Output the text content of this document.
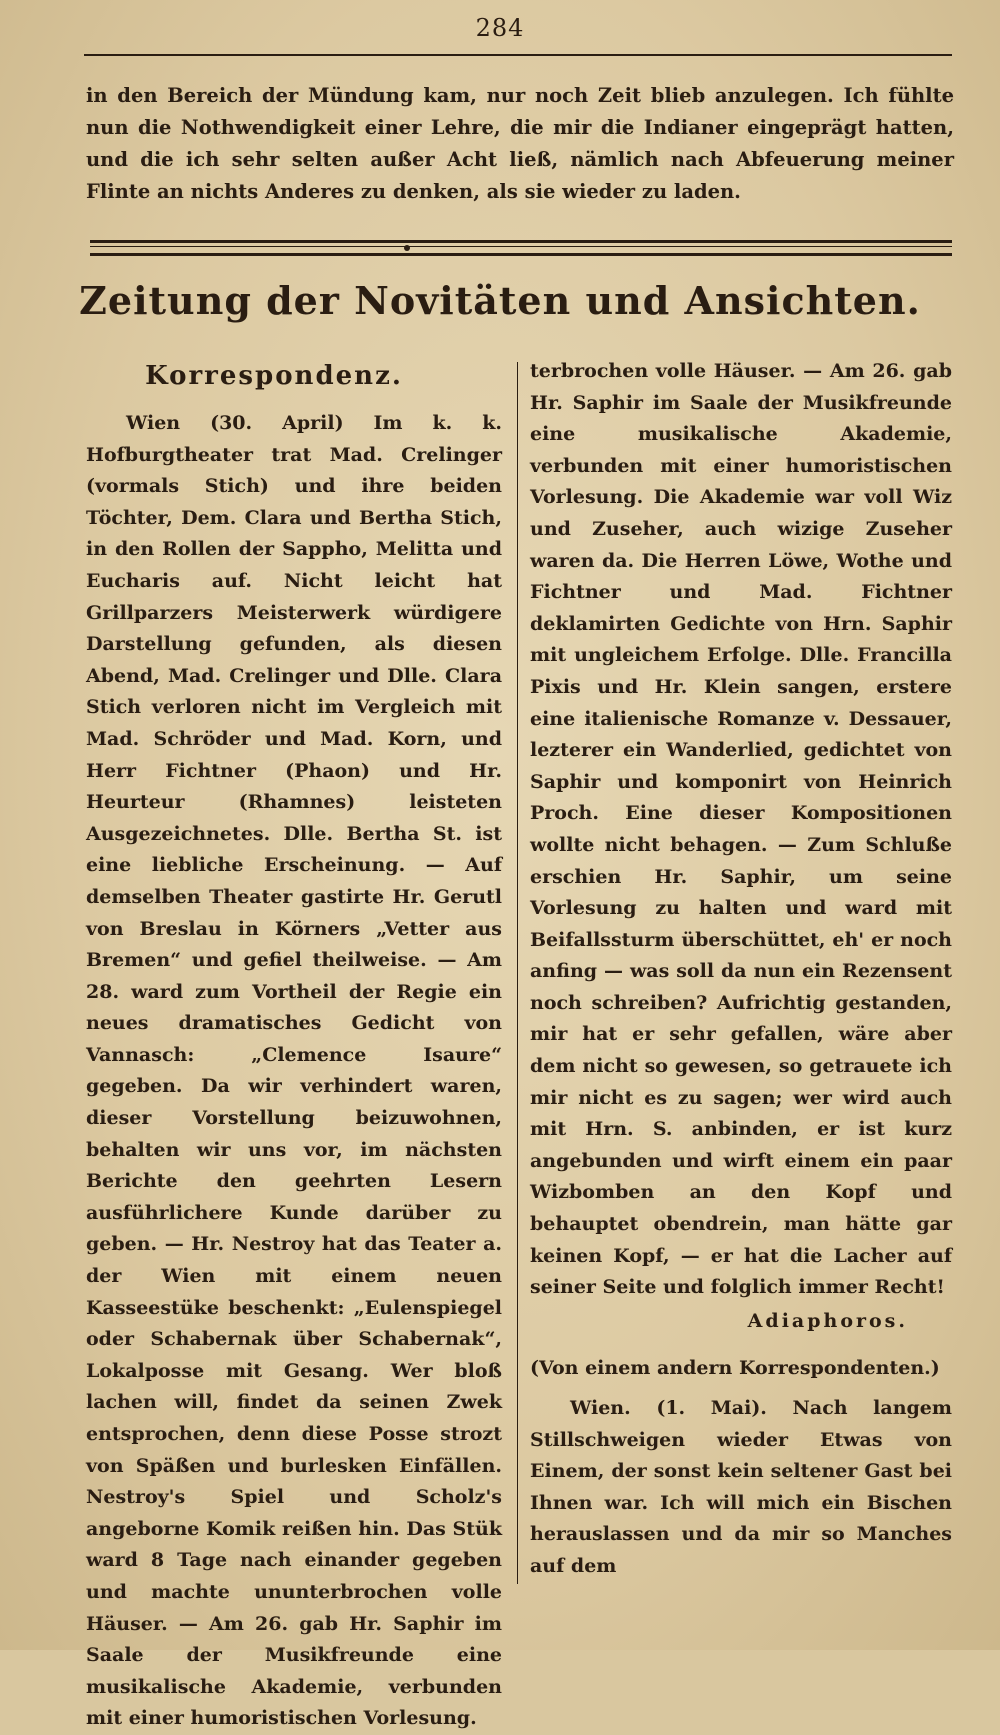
284

in den Bereich der Mündung kam, nur noch Zeit blieb anzulegen. Ich fühlte nun die Nothwendigkeit einer Lehre, die mir die Indianer eingeprägt hatten, und die ich sehr selten außer Acht ließ, nämlich nach Abfeuerung meiner Flinte an nichts Anderes zu denken, als sie wieder zu laden.

Zeitung der Novitäten und Ansichten.
Korrespondenz.

Wien (30. April) Im k. k. Hofburgtheater trat Mad. Crelinger (vormals Stich) und ihre beiden Töchter, Dem. Clara und Bertha Stich, in den Rollen der Sappho, Melitta und Eucharis auf. Nicht leicht hat Grillparzers Meisterwerk würdigere Darstellung gefunden, als diesen Abend, Mad. Crelinger und Dlle. Clara Stich verloren nicht im Vergleich mit Mad. Schröder und Mad. Korn, und Herr Fichtner (Phaon) und Hr. Heurteur (Rhamnes) leisteten Ausgezeichnetes. Dlle. Bertha St. ist eine liebliche Erscheinung. — Auf demselben Theater gastirte Hr. Gerutl von Breslau in Körners „Vetter aus Bremen“ und gefiel theilweise. — Am 28. ward zum Vortheil der Regie ein neues dramatisches Gedicht von Vannasch: „Clemence Isaure“ gegeben. Da wir verhindert waren, dieser Vorstellung beizuwohnen, behalten wir uns vor, im nächsten Berichte den geehrten Lesern ausführlichere Kunde darüber zu geben. — Hr. Nestroy hat das Teater a. der Wien mit einem neuen Kasseestüke beschenkt: „Eulenspiegel oder Schabernak über Schabernak“, Lokalposse mit Gesang. Wer bloß lachen will, findet da seinen Zwek entsprochen, denn diese Posse strozt von Späßen und burlesken Einfällen. Nestroy's Spiel und Scholz's angeborne Komik reißen hin. Das Stük ward 8 Tage nach einander gegeben und machte ununterbrochen volle Häuser. — Am 26. gab Hr. Saphir im Saale der Musikfreunde eine musikalische Akademie, verbunden mit einer humoristischen Vorlesung.

terbrochen volle Häuser. — Am 26. gab Hr. Saphir im Saale der Musikfreunde eine musikalische Akademie, verbunden mit einer humoristischen Vorlesung. Die Akademie war voll Wiz und Zuseher, auch wizige Zuseher waren da. Die Herren Löwe, Wothe und Fichtner und Mad. Fichtner deklamirten Gedichte von Hrn. Saphir mit ungleichem Erfolge. Dlle. Francilla Pixis und Hr. Klein sangen, erstere eine italienische Romanze v. Dessauer, lezterer ein Wanderlied, gedichtet von Saphir und komponirt von Heinrich Proch. Eine dieser Kompositionen wollte nicht behagen. — Zum Schluße erschien Hr. Saphir, um seine Vorlesung zu halten und ward mit Beifallssturm überschüttet, eh' er noch anfing — was soll da nun ein Rezensent noch schreiben? Aufrichtig gestanden, mir hat er sehr gefallen, wäre aber dem nicht so gewesen, so getrauete ich mir nicht es zu sagen; wer wird auch mit Hrn. S. anbinden, er ist kurz angebunden und wirft einem ein paar Wizbomben an den Kopf und behauptet obendrein, man hätte gar keinen Kopf, — er hat die Lacher auf seiner Seite und folglich immer Recht!

Adiaphoros.

(Von einem andern Korrespondenten.)

Wien. (1. Mai). Nach langem Stillschweigen wieder Etwas von Einem, der sonst kein seltener Gast bei Ihnen war. Ich will mich ein Bischen herauslassen und da mir so Manches auf dem
